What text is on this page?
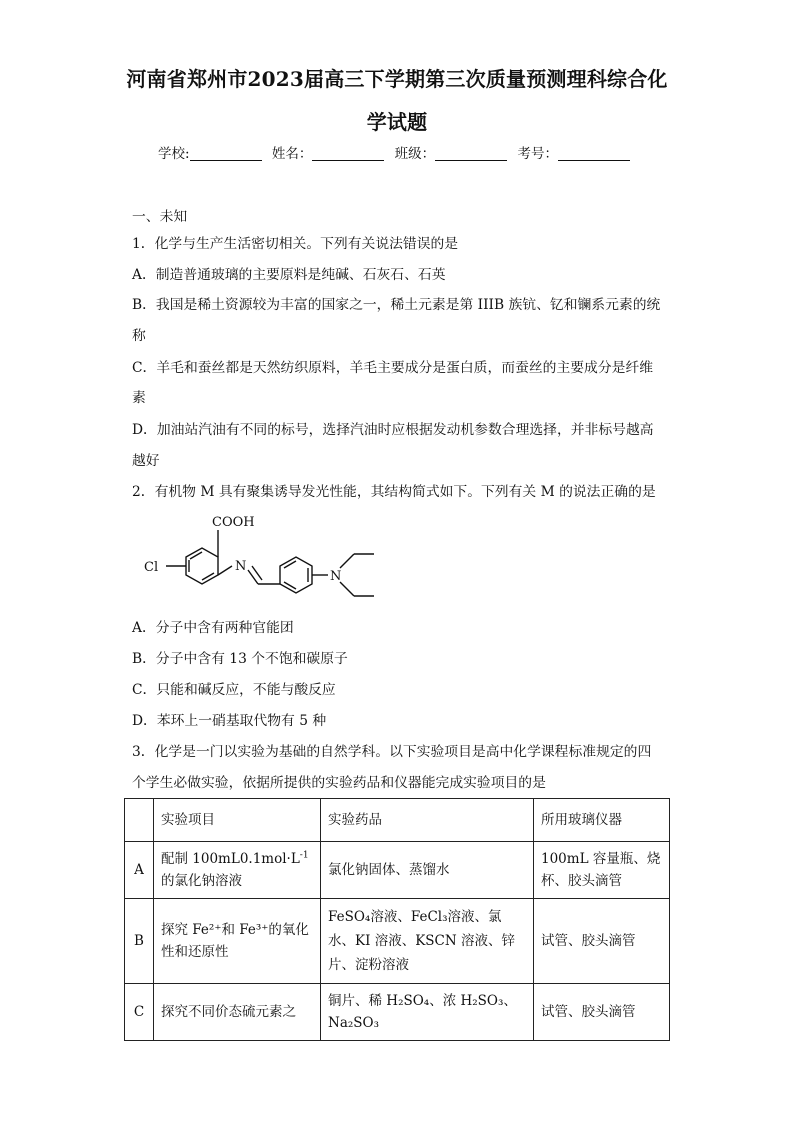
河南省郑州市2023届高三下学期第三次质量预测理科综合化
学试题
学校:	姓名：	班级：	考号：
一、未知
1．化学与生产生活密切相关。下列有关说法错误的是
A．制造普通玻璃的主要原料是纯碱、石灰石、石英
B．我国是稀土资源较为丰富的国家之一，稀土元素是第 IIIB 族钪、钇和镧系元素的统
称
C．羊毛和蚕丝都是天然纺织原料，羊毛主要成分是蛋白质，而蚕丝的主要成分是纤维
素
D．加油站汽油有不同的标号，选择汽油时应根据发动机参数合理选择，并非标号越高
越好
2．有机物 M 具有聚集诱导发光性能，其结构简式如下。下列有关 M 的说法正确的是
COOH
Cl	N
N
A．分子中含有两种官能团
B．分子中含有 13 个不饱和碳原子
C．只能和碱反应，不能与酸反应
D．苯环上一硝基取代物有 5 种
3．化学是一门以实验为基础的自然学科。以下实验项目是高中化学课程标准规定的四
个学生必做实验，依据所提供的实验药品和仪器能完成实验项目的是
	实验项目	实验药品	所用玻璃仪器
A	配制 $100mL0.1mol\cdot L^{-1}$的氯化钠溶液	氯化钠固体、蒸馏水	100mL 容量瓶、烧杯、胶头滴管
B	探究 Fe²⁺和 Fe³⁺的氧化性和还原性	FeSO₄溶液、FeCl₃溶液、氯水、KI 溶液、KSCN 溶液、锌片、淀粉溶液	试管、胶头滴管
C	探究不同价态硫元素之	铜片、稀 H₂SO₄、浓 H₂SO₃、Na₂SO₃	试管、胶头滴管
